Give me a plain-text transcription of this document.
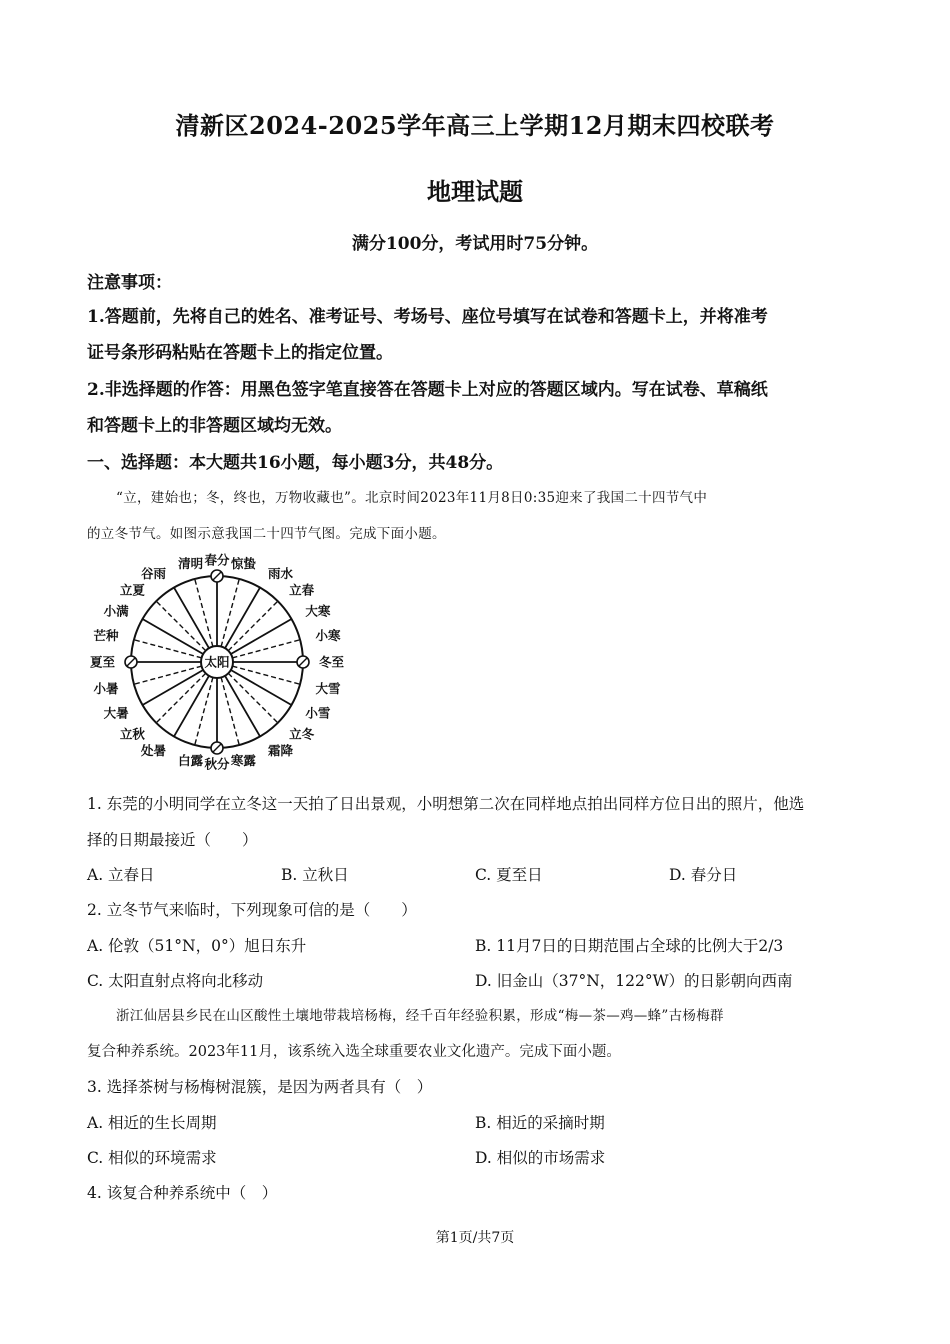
清新区2024-2025学年高三上学期12月期末四校联考
地理试题
满分100分，考试用时75分钟。
注意事项：
1.答题前，先将自己的姓名、准考证号、考场号、座位号填写在试卷和答题卡上，并将准考
证号条形码粘贴在答题卡上的指定位置。
2.非选择题的作答：用黑色签字笔直接答在答题卡上对应的答题区域内。写在试卷、草稿纸
和答题卡上的非答题区域均无效。
一、选择题：本大题共16小题，每小题3分，共48分。
“立，建始也；冬，终也，万物收藏也”。北京时间2023年11月8日0:35迎来了我国二十四节气中
的立冬节气。如图示意我国二十四节气图。完成下面小题。
太阳
春分 惊蛰
雨水
立春
大寒
小寒
冬至
大雪
小雪
立冬
霜降
寒露
秋分
白露
处暑
立秋
大暑
小暑
夏至
芒种
小满
立夏
谷雨
清明
1. 东莞的小明同学在立冬这一天拍了日出景观，小明想第二次在同样地点拍出同样方位日出的照片，他选
择的日期最接近（　　）
A. 立春日	B. 立秋日	C. 夏至日	D. 春分日
2. 立冬节气来临时，下列现象可信的是（　　）
A. 伦敦（51°N，0°）旭日东升	B. 11月7日的日期范围占全球的比例大于2/3
C. 太阳直射点将向北移动	D. 旧金山（37°N，122°W）的日影朝向西南
浙江仙居县乡民在山区酸性土壤地带栽培杨梅，经千百年经验积累，形成“梅—茶—鸡—蜂”古杨梅群
复合种养系统。2023年11月，该系统入选全球重要农业文化遗产。完成下面小题。
3. 选择茶树与杨梅树混簇，是因为两者具有（　）
A. 相近的生长周期	B. 相近的采摘时期
C. 相似的环境需求	D. 相似的市场需求
4. 该复合种养系统中（　）
第1页/共7页
